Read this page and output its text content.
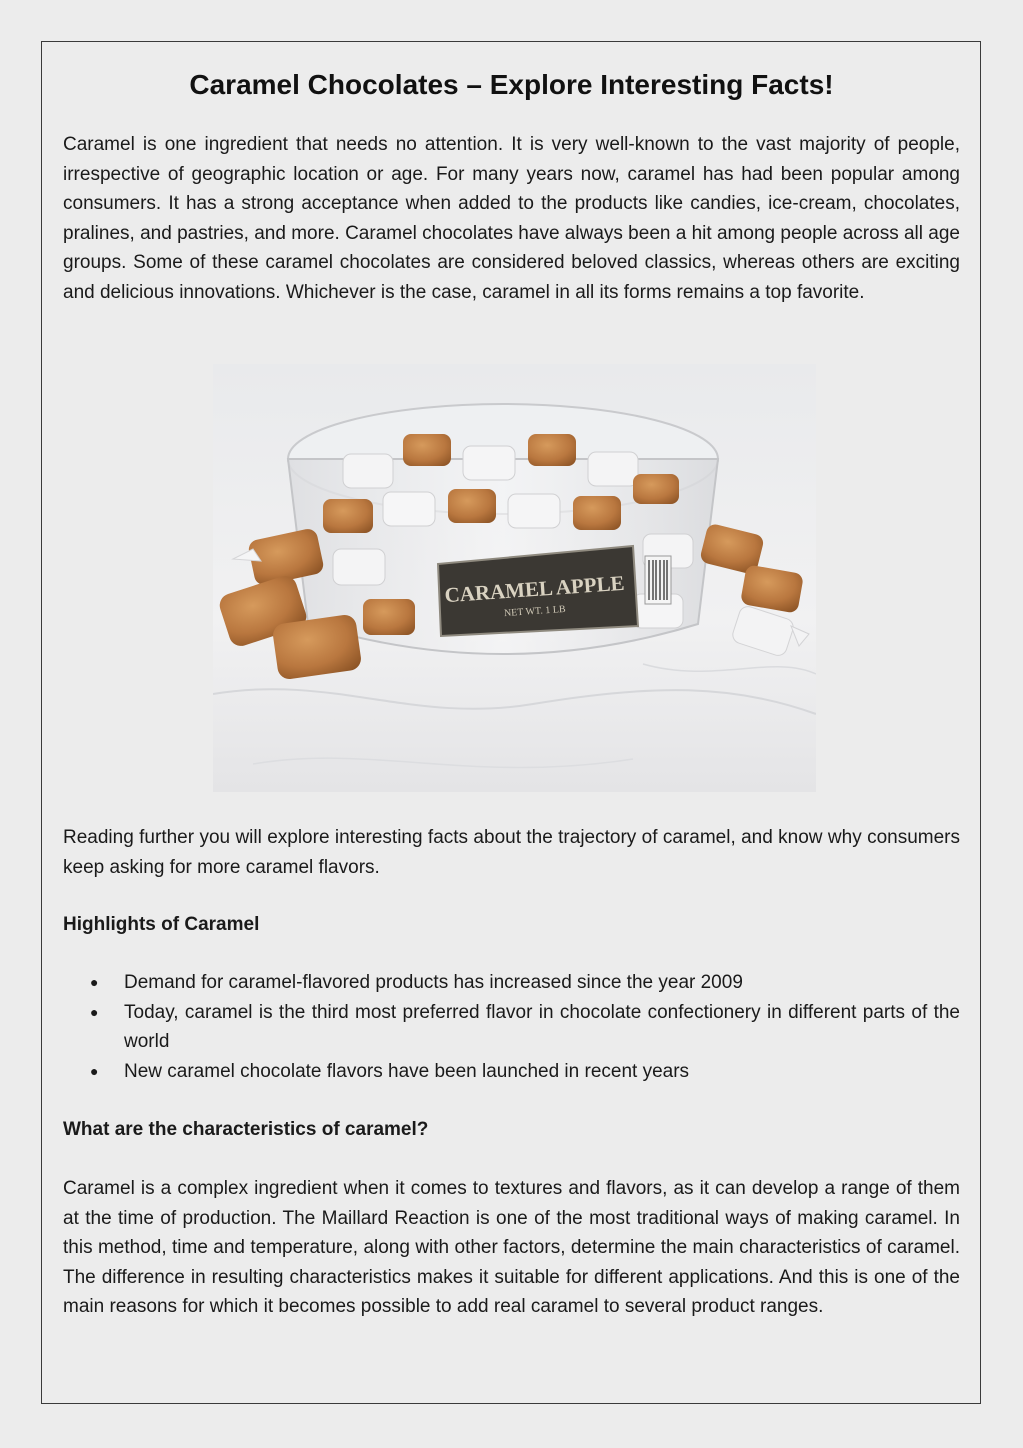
Caramel Chocolates – Explore Interesting Facts!

Caramel is one ingredient that needs no attention. It is very well-known to the vast majority of people, irrespective of geographic location or age. For many years now, caramel has had been popular among consumers. It has a strong acceptance when added to the products like candies, ice-cream, chocolates, pralines, and pastries, and more. Caramel chocolates have always been a hit among people across all age groups. Some of these caramel chocolates are considered beloved classics, whereas others are exciting and delicious innovations. Whichever is the case, caramel in all its forms remains a top favorite.

CARAMEL APPLE
NET WT. 1 LB

Reading further you will explore interesting facts about the trajectory of caramel, and know why consumers keep asking for more caramel flavors.

Highlights of Caramel
● Demand for caramel-flavored products has increased since the year 2009
● Today, caramel is the third most preferred flavor in chocolate confectionery in different parts of the world
● New caramel chocolate flavors have been launched in recent years
What are the characteristics of caramel?

Caramel is a complex ingredient when it comes to textures and flavors, as it can develop a range of them at the time of production. The Maillard Reaction is one of the most traditional ways of making caramel. In this method, time and temperature, along with other factors, determine the main characteristics of caramel. The difference in resulting characteristics makes it suitable for different applications. And this is one of the main reasons for which it becomes possible to add real caramel to several product ranges.
